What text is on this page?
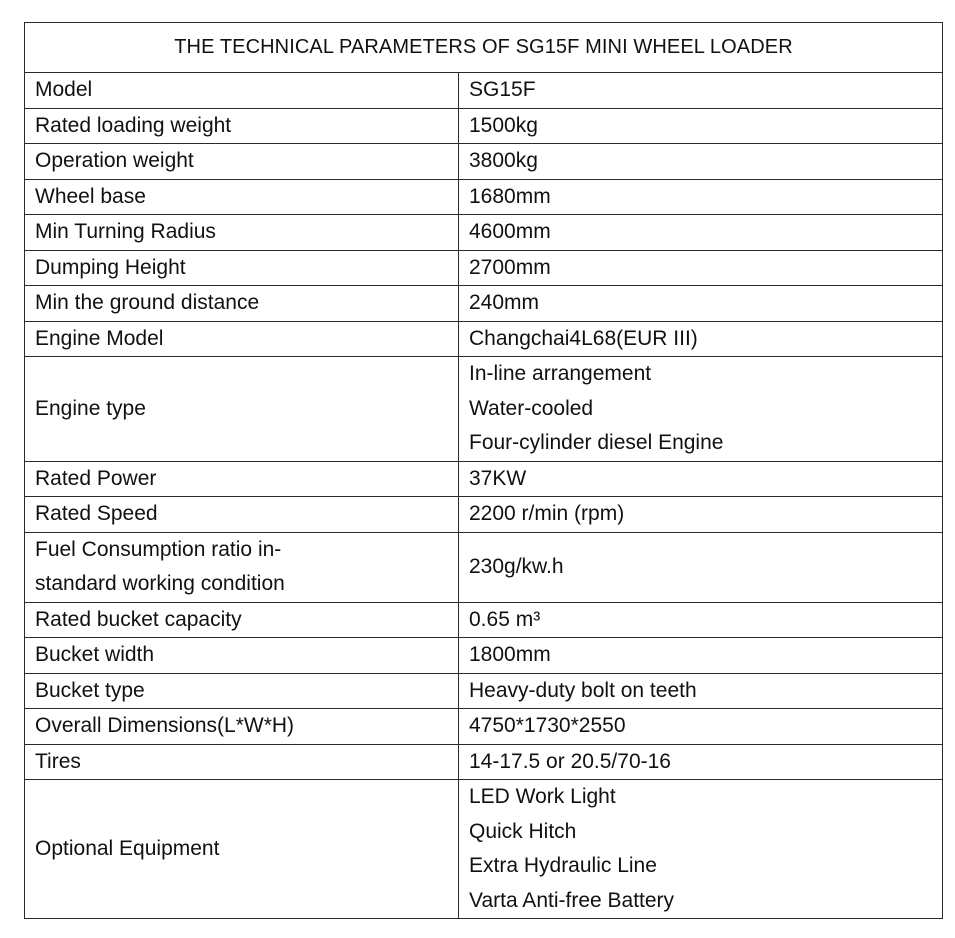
THE TECHNICAL PARAMETERS OF SG15F MINI WHEEL LOADER	

Model	SG15F

Rated loading weight	1500kg

Operation weight	3800kg

Wheel base	1680mm

Min Turning Radius	4600mm

Dumping Height	2700mm

Min the ground distance	240mm

Engine Model	Changchai4L68(EUR III)

Engine type	In-line arrangement
Water-cooled
Four-cylinder diesel Engine

Rated Power	37KW

Rated Speed	2200 r/min (rpm)

Fuel Consumption ratio in-
standard working condition	230g/kw.h

Rated bucket capacity	0.65 m³

Bucket width	1800mm

Bucket type	Heavy-duty bolt on teeth

Overall Dimensions(L*W*H)	4750*1730*2550

Tires	14-17.5 or 20.5/70-16

Optional Equipment	LED Work Light
Quick Hitch
Extra Hydraulic Line
Varta Anti-free Battery
